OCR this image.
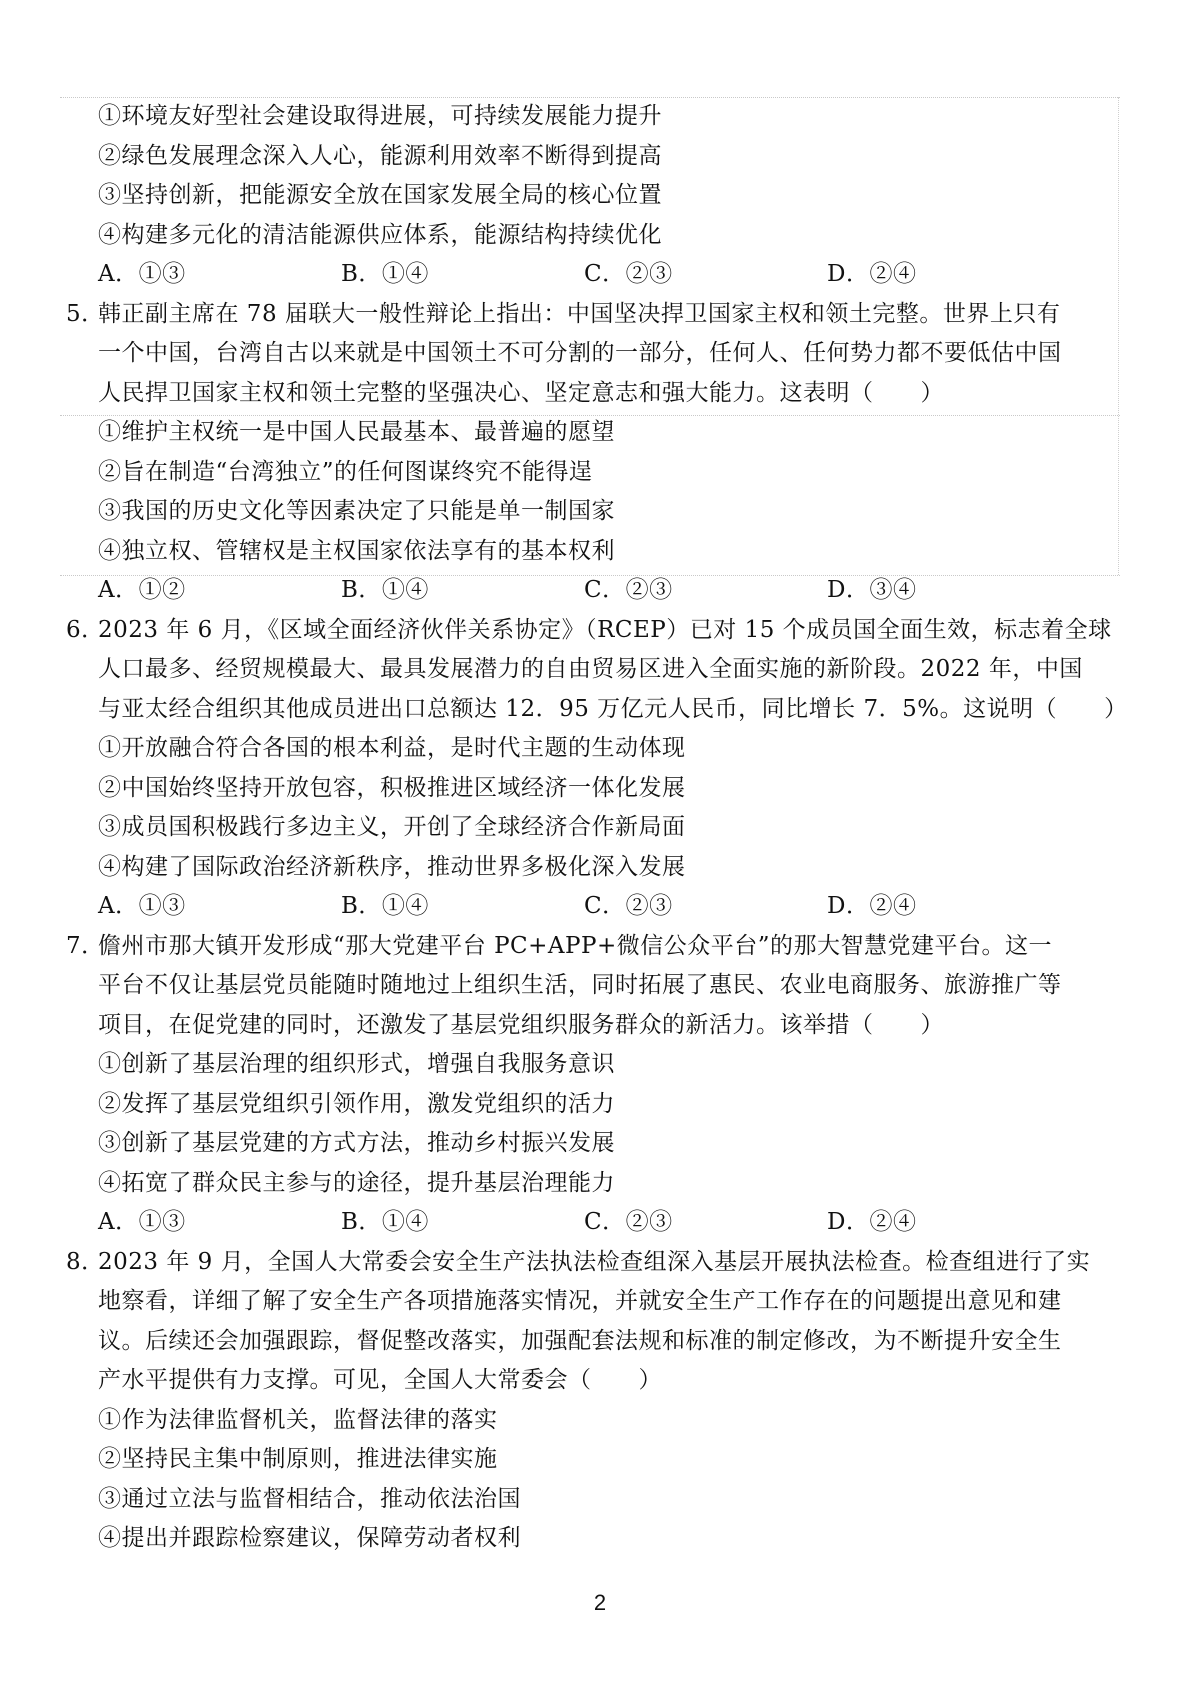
①环境友好型社会建设取得进展，可持续发展能力提升
②绿色发展理念深入人心，能源利用效率不断得到提高
③坚持创新，把能源安全放在国家发展全局的核心位置
④构建多元化的清洁能源供应体系，能源结构持续优化
A．①③	B．①④	C．②③	D．②④
5．
韩正副主席在 78 届联大一般性辩论上指出：中国坚决捍卫国家主权和领土完整。世界上只有
一个中国，台湾自古以来就是中国领土不可分割的一部分，任何人、任何势力都不要低估中国
人民捍卫国家主权和领土完整的坚强决心、坚定意志和强大能力。这表明（　　）
①维护主权统一是中国人民最基本、最普遍的愿望
②旨在制造“台湾独立”的任何图谋终究不能得逞
③我国的历史文化等因素决定了只能是单一制国家
④独立权、管辖权是主权国家依法享有的基本权利
A．①②	B．①④	C．②③	D．③④
6．
2023 年 6 月，《区域全面经济伙伴关系协定》（RCEP）已对 15 个成员国全面生效，标志着全球
人口最多、经贸规模最大、最具发展潜力的自由贸易区进入全面实施的新阶段。2022 年，中国
与亚太经合组织其他成员进出口总额达 12．95 万亿元人民币，同比增长 7．5%。这说明（　　）
①开放融合符合各国的根本利益，是时代主题的生动体现
②中国始终坚持开放包容，积极推进区域经济一体化发展
③成员国积极践行多边主义，开创了全球经济合作新局面
④构建了国际政治经济新秩序，推动世界多极化深入发展
A．①③	B．①④	C．②③	D．②④
7．
儋州市那大镇开发形成“那大党建平台 PC+APP+微信公众平台”的那大智慧党建平台。这一
平台不仅让基层党员能随时随地过上组织生活，同时拓展了惠民、农业电商服务、旅游推广等
项目，在促党建的同时，还激发了基层党组织服务群众的新活力。该举措（　　）
①创新了基层治理的组织形式，增强自我服务意识
②发挥了基层党组织引领作用，激发党组织的活力
③创新了基层党建的方式方法，推动乡村振兴发展
④拓宽了群众民主参与的途径，提升基层治理能力
A．①③	B．①④	C．②③	D．②④
8．
2023 年 9 月，全国人大常委会安全生产法执法检查组深入基层开展执法检查。检查组进行了实
地察看，详细了解了安全生产各项措施落实情况，并就安全生产工作存在的问题提出意见和建
议。后续还会加强跟踪，督促整改落实，加强配套法规和标准的制定修改，为不断提升安全生
产水平提供有力支撑。可见，全国人大常委会（　　）
①作为法律监督机关，监督法律的落实
②坚持民主集中制原则，推进法律实施
③通过立法与监督相结合，推动依法治国
④提出并跟踪检察建议，保障劳动者权利
2
